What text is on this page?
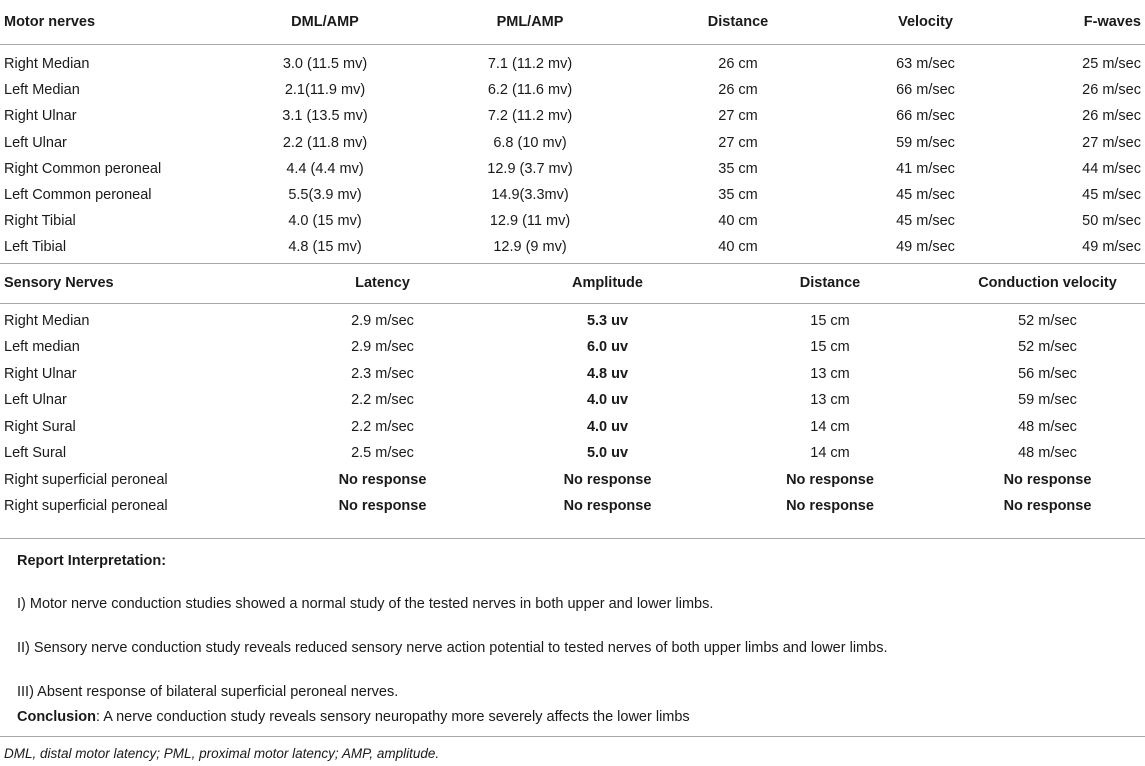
Motor nerves	DML/AMP	PML/AMP	Distance	Velocity	F-waves
Right Median	3.0 (11.5 mv)	7.1 (11.2 mv)	26 cm	63 m/sec	25 m/sec
Left Median	2.1(11.9 mv)	6.2 (11.6 mv)	26 cm	66 m/sec	26 m/sec
Right Ulnar	3.1 (13.5 mv)	7.2 (11.2 mv)	27 cm	66 m/sec	26 m/sec
Left Ulnar	2.2 (11.8 mv)	6.8 (10 mv)	27 cm	59 m/sec	27 m/sec
Right Common peroneal	4.4 (4.4 mv)	12.9 (3.7 mv)	35 cm	41 m/sec	44 m/sec
Left Common peroneal	5.5(3.9 mv)	14.9(3.3mv)	35 cm	45 m/sec	45 m/sec
Right Tibial	4.0 (15 mv)	12.9 (11 mv)	40 cm	45 m/sec	50 m/sec
Left Tibial	4.8 (15 mv)	12.9 (9 mv)	40 cm	49 m/sec	49 m/sec
Sensory Nerves	Latency	Amplitude	Distance	Conduction velocity
Right Median	2.9 m/sec	5.3 uv	15 cm	52 m/sec
Left median	2.9 m/sec	6.0 uv	15 cm	52 m/sec
Right Ulnar	2.3 m/sec	4.8 uv	13 cm	56 m/sec
Left Ulnar	2.2 m/sec	4.0 uv	13 cm	59 m/sec
Right Sural	2.2 m/sec	4.0 uv	14 cm	48 m/sec
Left Sural	2.5 m/sec	5.0 uv	14 cm	48 m/sec
Right superficial peroneal	No response	No response	No response	No response
Right superficial peroneal	No response	No response	No response	No response
Report Interpretation:
I) Motor nerve conduction studies showed a normal study of the tested nerves in both upper and lower limbs.
II) Sensory nerve conduction study reveals reduced sensory nerve action potential to tested nerves of both upper limbs and lower limbs.
III) Absent response of bilateral superficial peroneal nerves.
Conclusion: A nerve conduction study reveals sensory neuropathy more severely affects the lower limbs
DML, distal motor latency; PML, proximal motor latency; AMP, amplitude.
